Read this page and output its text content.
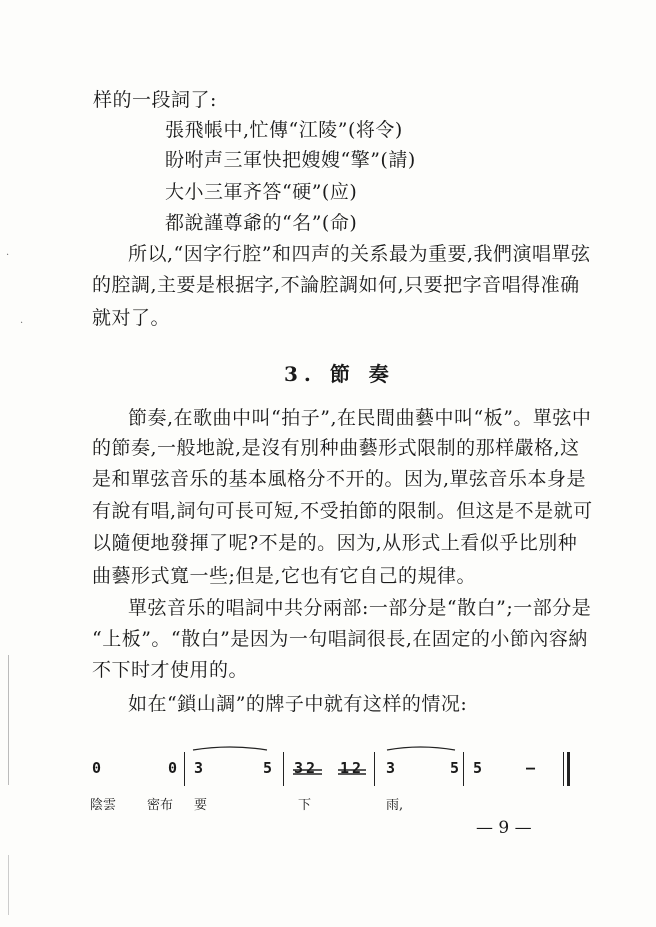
样的一段詞了:
張飛帳中,忙傳“江陵”(将令)
盼咐声三軍快把嫂嫂“擎”(請)
大小三軍齐答“硬”(应)
都說謹尊爺的“名”(命)
所以,“因字行腔”和四声的关系最为重要,我們演唱單弦
的腔調,主要是根据字,不論腔調如何,只要把字音唱得准确
就对了。
3. 節 奏
節奏,在歌曲中叫“拍子”,在民間曲藝中叫“板”。單弦中
的節奏,一般地說,是沒有別种曲藝形式限制的那样嚴格,这
是和單弦音乐的基本風格分不开的。因为,單弦音乐本身是
有說有唱,詞句可長可短,不受拍節的限制。但这是不是就可
以隨便地發揮了呢?不是的。因为,从形式上看似乎比別种
曲藝形式寬一些;但是,它也有它自己的規律。
單弦音乐的唱詞中共分兩部:一部分是“散白”;一部分是
“上板”。“散白”是因为一句唱詞很長,在固定的小節內容納
不下时才使用的。
如在“鎖山調”的牌子中就有这样的情况:
0	0 3	5 32 12 3	5 5	—
陰雲 密布 要	下	雨,
— 9 —
·
·
